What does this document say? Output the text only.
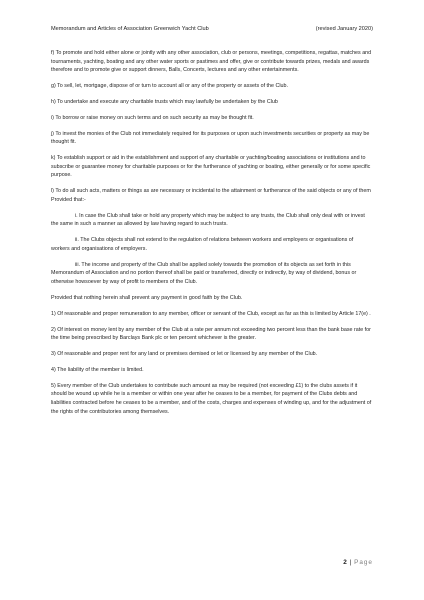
Memorandum and Articles of Association Greenwich Yacht Club	(revised January 2020)

f) To promote and hold either alone or jointly with any other association, club or persons, meetings, competitions, regattas, matches and tournaments, yachting, boating and any other water sports or pastimes and offer, give or contribute towards prizes, medals and awards therefore and to promote give or support dinners, Balls, Concerts, lectures and any other entertainments.

g) To sell, let, mortgage, dispose of or turn to account all or any of the property or assets of the Club.

h) To undertake and execute any charitable trusts which may lawfully be undertaken by the Club

i) To borrow or raise money on such terms and on such security as may be thought fit.

j) To invest the monies of the Club not immediately required for its purposes or upon such investments securities or property as may be thought fit.

k) To establish support or aid in the establishment and support of any charitable or yachting/boating associations or institutions and to subscribe or guarantee money for charitable purposes or for the furtherance of yachting or boating, either generally or for some specific purpose.

l) To do all such acts, matters or things as are necessary or incidental to the attainment or furtherance of the said objects or any of them Provided that:-

i. In case the Club shall take or hold any property which may be subject to any trusts, the Club shall only deal with or invest the same in such a manner as allowed by law having regard to such trusts.

ii. The Clubs objects shall not extend to the regulation of relations between workers and employers or organisations of workers and organisations of employers.

iii. The income and property of the Club shall be applied solely towards the promotion of its objects as set forth in this Memorandum of Association and no portion thereof shall be paid or transferred, directly or indirectly, by way of dividend, bonus or otherwise howsoever by way of profit to members of the Club.

Provided that nothing herein shall prevent any payment in good faith by the Club.

1) Of reasonable and proper remuneration to any member, officer or servant of the Club, except as far as this is limited by Article 17(e) .

2) Of interest on money lent by any member of the Club at a rate per annum not exceeding two percent less than the bank base rate for the time being prescribed by Barclays Bank plc or ten percent whichever is the greater.

3) Of reasonable and proper rent for any land or premises demised or let or licensed by any member of the Club.

4) The liability of the member is limited.

5) Every member of the Club undertakes to contribute such amount as may be required (not exceeding £1) to the clubs assets if it should be wound up while he is a member or within one year after he ceases to be a member, for payment of the Clubs debts and liabilities contracted before he ceases to be a member, and of the costs, charges and expenses of winding up, and for the adjustment of the rights of the contributories among themselves.

2 | Page
